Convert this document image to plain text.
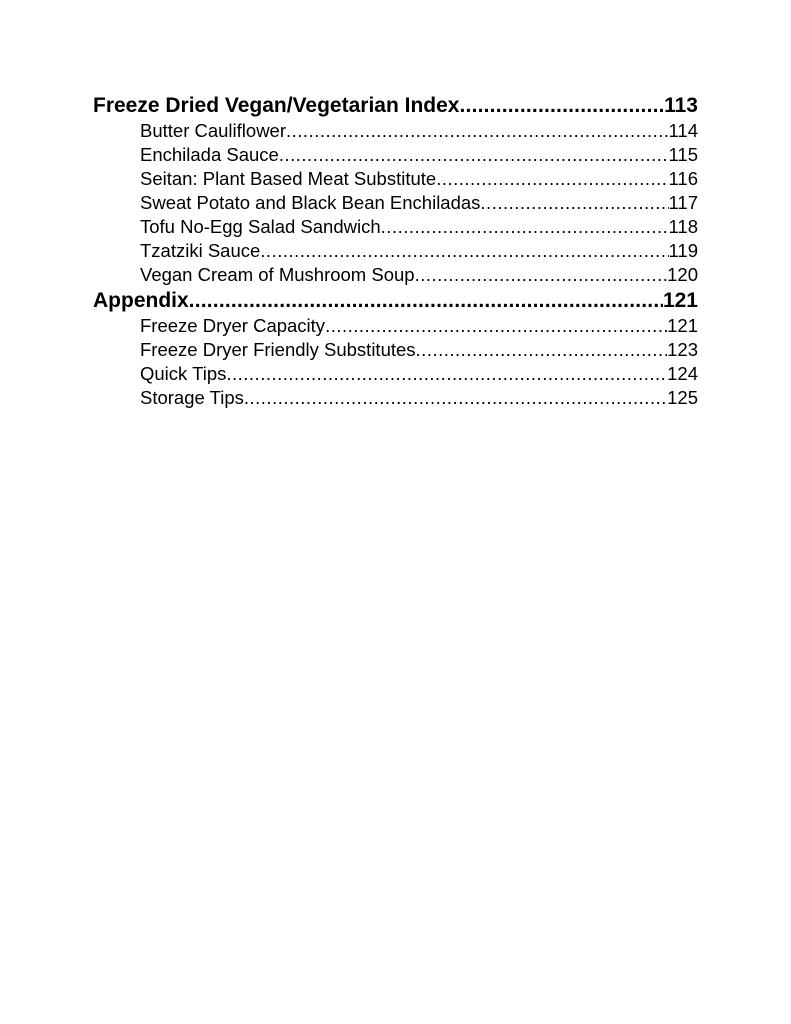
Freeze Dried Vegan/Vegetarian Index .....	113
Butter Cauliflower .....	114
Enchilada Sauce .....	115
Seitan: Plant Based Meat Substitute .....	116
Sweat Potato and Black Bean Enchiladas .....	117
Tofu No-Egg Salad Sandwich .....	118
Tzatziki Sauce .....	119
Vegan Cream of Mushroom Soup .....	120
Appendix .....	121
Freeze Dryer Capacity .....	121
Freeze Dryer Friendly Substitutes .....	123
Quick Tips .....	124
Storage Tips .....	125
